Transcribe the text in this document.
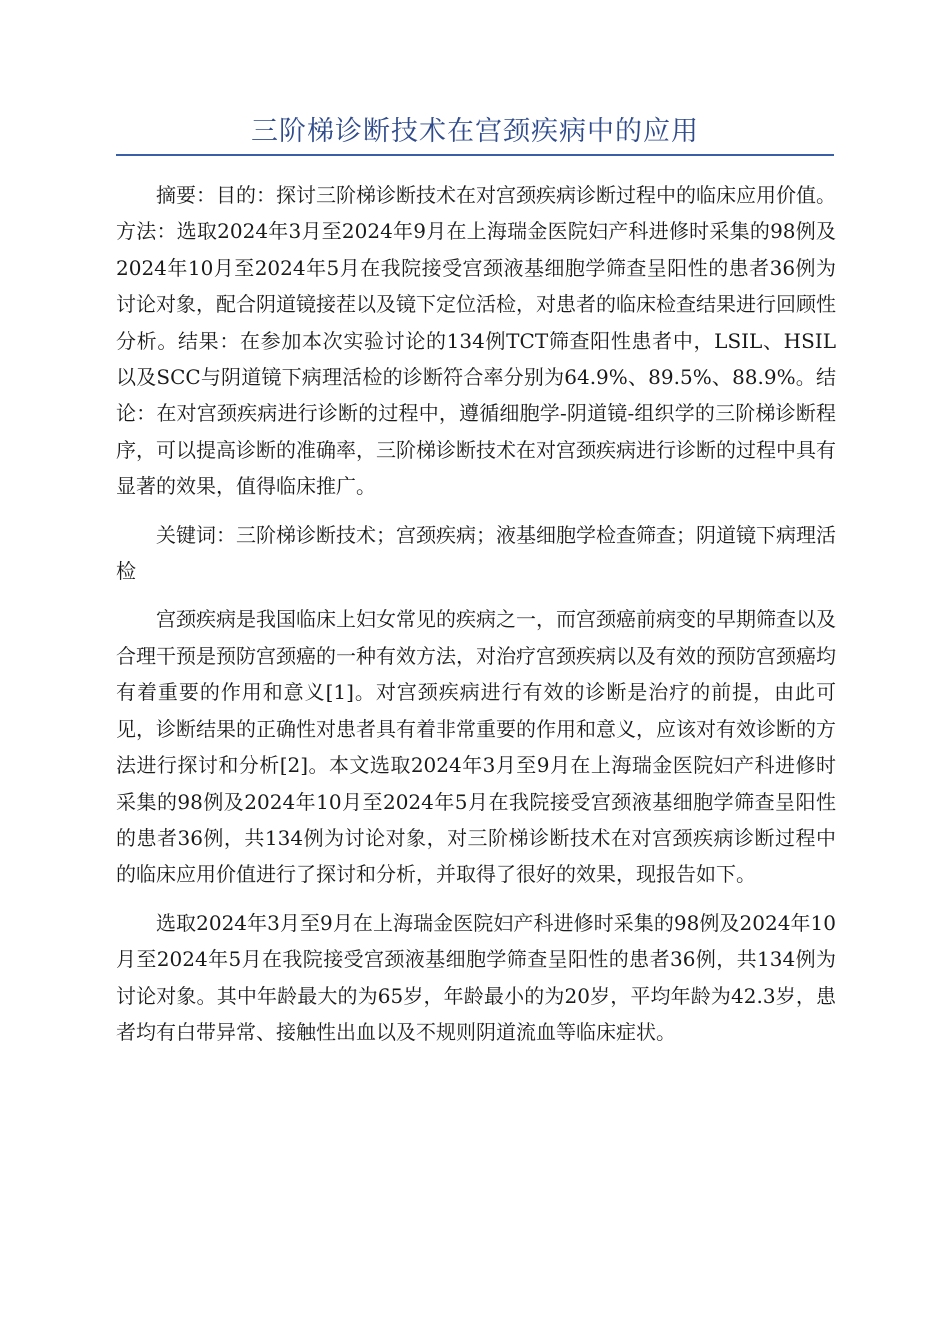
三阶梯诊断技术在宫颈疾病中的应用

摘要：目的：探讨三阶梯诊断技术在对宫颈疾病诊断过程中的临床应用价值。方法：选取2024年3月至2024年9月在上海瑞金医院妇产科进修时采集的98例及2024年10月至2024年5月在我院接受宫颈液基细胞学筛查呈阳性的患者36例为讨论对象，配合阴道镜接茬以及镜下定位活检，对患者的临床检查结果进行回顾性分析。结果：在参加本次实验讨论的134例TCT筛查阳性患者中，LSIL、HSIL以及SCC与阴道镜下病理活检的诊断符合率分别为64.9%、89.5%、88.9%。结论：在对宫颈疾病进行诊断的过程中，遵循细胞学-阴道镜-组织学的三阶梯诊断程序，可以提高诊断的准确率，三阶梯诊断技术在对宫颈疾病进行诊断的过程中具有显著的效果，值得临床推广。

关键词：三阶梯诊断技术；宫颈疾病；液基细胞学检查筛查；阴道镜下病理活检

宫颈疾病是我国临床上妇女常见的疾病之一，而宫颈癌前病变的早期筛查以及合理干预是预防宫颈癌的一种有效方法，对治疗宫颈疾病以及有效的预防宫颈癌均有着重要的作用和意义[1]。对宫颈疾病进行有效的诊断是治疗的前提，由此可见，诊断结果的正确性对患者具有着非常重要的作用和意义，应该对有效诊断的方法进行探讨和分析[2]。本文选取2024年3月至9月在上海瑞金医院妇产科进修时采集的98例及2024年10月至2024年5月在我院接受宫颈液基细胞学筛查呈阳性的患者36例，共134例为讨论对象，对三阶梯诊断技术在对宫颈疾病诊断过程中的临床应用价值进行了探讨和分析，并取得了很好的效果，现报告如下。

选取2024年3月至9月在上海瑞金医院妇产科进修时采集的98例及2024年10月至2024年5月在我院接受宫颈液基细胞学筛查呈阳性的患者36例，共134例为讨论对象。其中年龄最大的为65岁，年龄最小的为20岁，平均年龄为42.3岁，患者均有白带异常、接触性出血以及不规则阴道流血等临床症状。
